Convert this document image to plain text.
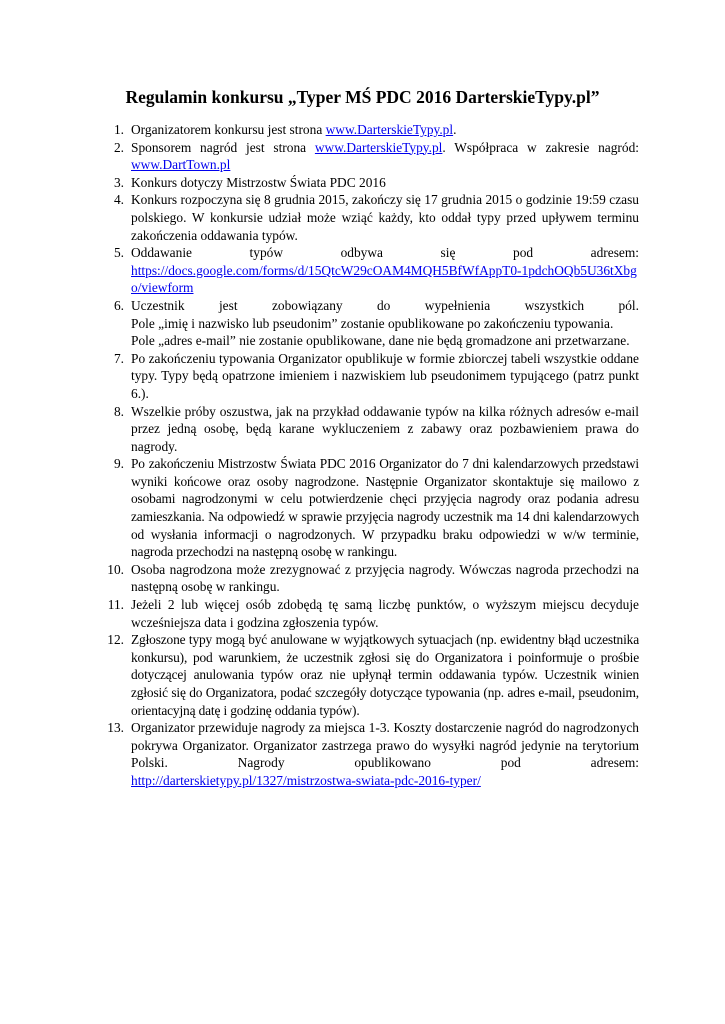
Regulamin konkursu „Typer MŚ PDC 2016 DarterskieTypy.pl”
1. Organizatorem konkursu jest strona www.DarterskieTypy.pl.
2. Sponsorem nagród jest strona www.DarterskieTypy.pl. Współpraca w zakresie nagród: www.DartTown.pl
3. Konkurs dotyczy Mistrzostw Świata PDC 2016
4. Konkurs rozpoczyna się 8 grudnia 2015, zakończy się 17 grudnia 2015 o godzinie 19:59 czasu polskiego. W konkursie udział może wziąć każdy, kto oddał typy przed upływem terminu zakończenia oddawania typów.
5. Oddawanie typów odbywa się pod adresem:
https://docs.google.com/forms/d/15QtcW29cOAM4MQH5BfWfAppT0-1pdchOQb5U36tXbgo/viewform
6. Uczestnik jest zobowiązany do wypełnienia wszystkich pól.
Pole „imię i nazwisko lub pseudonim” zostanie opublikowane po zakończeniu typowania.
Pole „adres e-mail” nie zostanie opublikowane, dane nie będą gromadzone ani przetwarzane.
7. Po zakończeniu typowania Organizator opublikuje w formie zbiorczej tabeli wszystkie oddane typy. Typy będą opatrzone imieniem i nazwiskiem lub pseudonimem typującego (patrz punkt 6.).
8. Wszelkie próby oszustwa, jak na przykład oddawanie typów na kilka różnych adresów e-mail przez jedną osobę, będą karane wykluczeniem z zabawy oraz pozbawieniem prawa do nagrody.
9. Po zakończeniu Mistrzostw Świata PDC 2016 Organizator do 7 dni kalendarzowych przedstawi wyniki końcowe oraz osoby nagrodzone. Następnie Organizator skontaktuje się mailowo z osobami nagrodzonymi w celu potwierdzenie chęci przyjęcia nagrody oraz podania adresu zamieszkania. Na odpowiedź w sprawie przyjęcia nagrody uczestnik ma 14 dni kalendarzowych od wysłania informacji o nagrodzonych. W przypadku braku odpowiedzi w w/w terminie, nagroda przechodzi na następną osobę w rankingu.
10. Osoba nagrodzona może zrezygnować z przyjęcia nagrody. Wówczas nagroda przechodzi na następną osobę w rankingu.
11. Jeżeli 2 lub więcej osób zdobędą tę samą liczbę punktów, o wyższym miejscu decyduje wcześniejsza data i godzina zgłoszenia typów.
12. Zgłoszone typy mogą być anulowane w wyjątkowych sytuacjach (np. ewidentny błąd uczestnika konkursu), pod warunkiem, że uczestnik zgłosi się do Organizatora i poinformuje o prośbie dotyczącej anulowania typów oraz nie upłynął termin oddawania typów. Uczestnik winien zgłosić się do Organizatora, podać szczegóły dotyczące typowania (np. adres e-mail, pseudonim, orientacyjną datę i godzinę oddania typów).
13. Organizator przewiduje nagrody za miejsca 1-3. Koszty dostarczenie nagród do nagrodzonych pokrywa Organizator. Organizator zastrzega prawo do wysyłki nagród jedynie na terytorium Polski. Nagrody opublikowano pod adresem:
http://darterskietypy.pl/1327/mistrzostwa-swiata-pdc-2016-typer/
